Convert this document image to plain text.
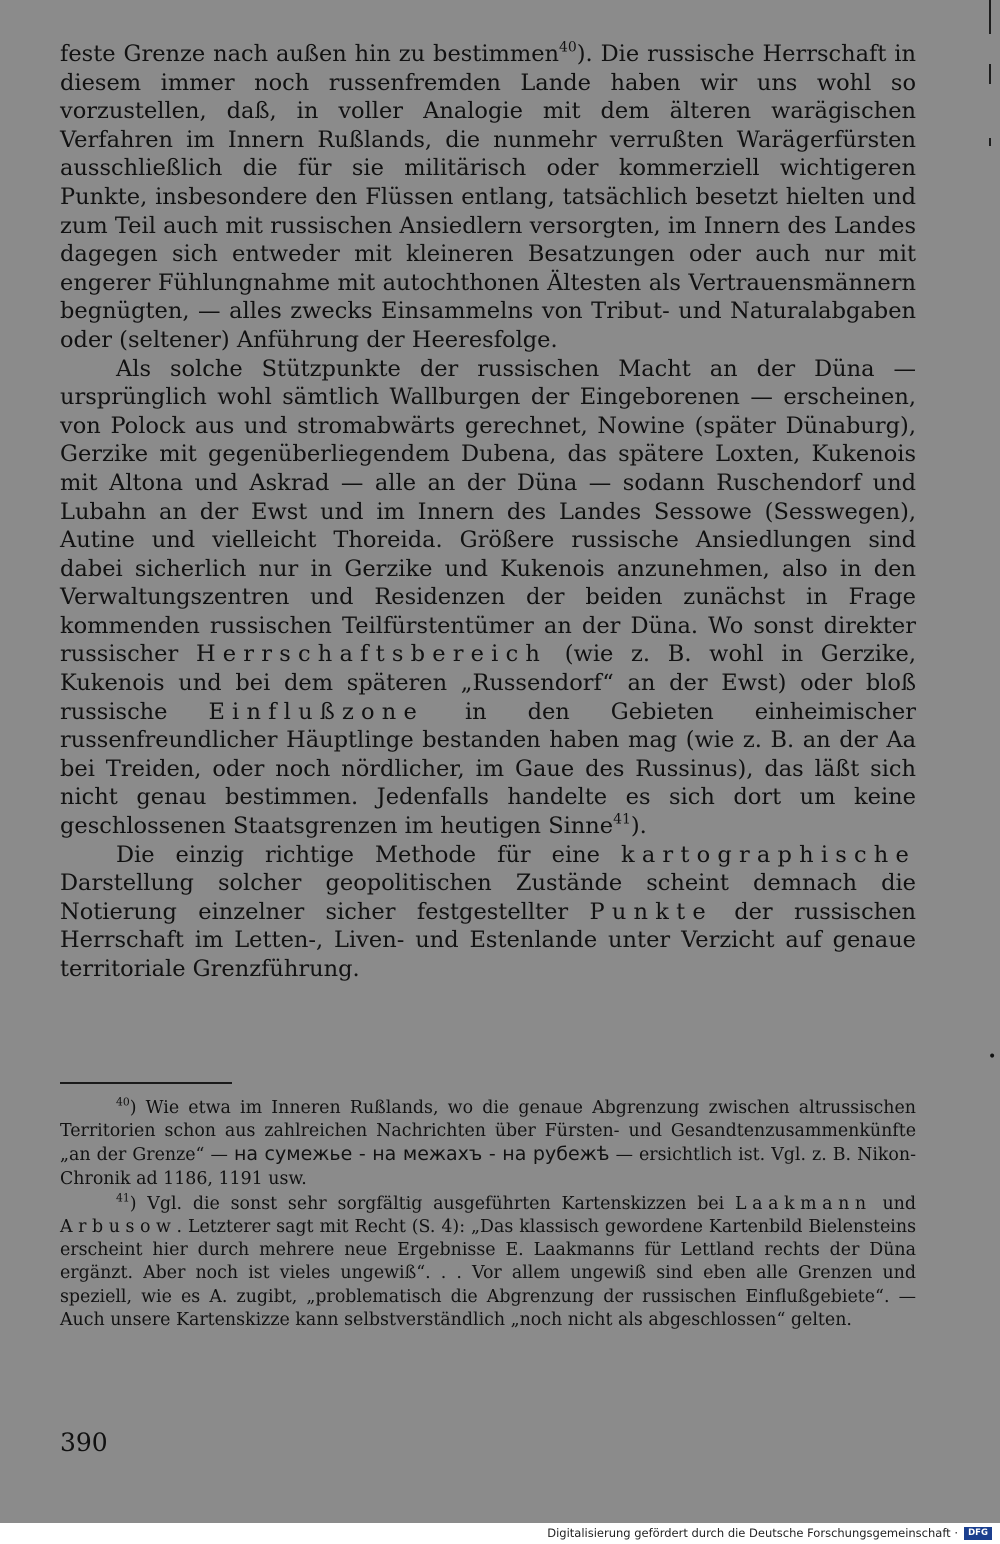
feste Grenze nach außen hin zu bestimmen$^{40}$). Die russische Herrschaft in diesem immer noch russenfremden Lande haben wir uns wohl so vorzustellen, daß, in voller Analogie mit dem älteren warägischen Verfahren im Innern Rußlands, die nunmehr verrußten Warägerfürsten ausschließlich die für sie militärisch oder kommerziell wichtigeren Punkte, insbesondere den Flüssen entlang, tatsächlich besetzt hielten und zum Teil auch mit russischen Ansiedlern versorgten, im Innern des Landes dagegen sich entweder mit kleineren Besatzungen oder auch nur mit engerer Fühlungnahme mit autochthonen Ältesten als Vertrauensmännern begnügten, — alles zwecks Einsammelns von Tribut- und Naturalabgaben oder (seltener) Anführung der Heeresfolge.

Als solche Stützpunkte der russischen Macht an der Düna — ursprünglich wohl sämtlich Wallburgen der Eingeborenen — erscheinen, von Polock aus und stromabwärts gerechnet, Nowine (später Dünaburg), Gerzike mit gegenüberliegendem Dubena, das spätere Loxten, Kukenois mit Altona und Askrad — alle an der Düna — sodann Ruschendorf und Lubahn an der Ewst und im Innern des Landes Sessowe (Sesswegen), Autine und vielleicht Thoreida. Größere russische Ansiedlungen sind dabei sicherlich nur in Gerzike und Kukenois anzunehmen, also in den Verwaltungszentren und Residenzen der beiden zunächst in Frage kommenden russischen Teilfürstentümer an der Düna. Wo sonst direkter russischer Herrschaftsbereich (wie z. B. wohl in Gerzike, Kukenois und bei dem späteren „Russendorf“ an der Ewst) oder bloß russische Einflußzone in den Gebieten einheimischer russenfreundlicher Häuptlinge bestanden haben mag (wie z. B. an der Aa bei Treiden, oder noch nördlicher, im Gaue des Russinus), das läßt sich nicht genau bestimmen. Jedenfalls handelte es sich dort um keine geschlossenen Staatsgrenzen im heutigen Sinne$^{41}$).

Die einzig richtige Methode für eine kartographische Darstellung solcher geopolitischen Zustände scheint demnach die Notierung einzelner sicher festgestellter Punkte der russischen Herrschaft im Letten-, Liven- und Estenlande unter Verzicht auf genaue territoriale Grenzführung.

$^{40}$) Wie etwa im Inneren Rußlands, wo die genaue Abgrenzung zwischen altrussischen Territorien schon aus zahlreichen Nachrichten über Fürsten- und Gesandtenzusammenkünfte „an der Grenze“ — на сумежье - на межахъ - на рубежѣ — ersichtlich ist. Vgl. z. B. Nikon-Chronik ad 1186, 1191 usw.

$^{41}$) Vgl. die sonst sehr sorgfältig ausgeführten Kartenskizzen bei Laakmann und Arbusow. Letzterer sagt mit Recht (S. 4): „Das klassisch gewordene Kartenbild Bielensteins erscheint hier durch mehrere neue Ergebnisse E. Laakmanns für Lettland rechts der Düna ergänzt. Aber noch ist vieles ungewiß“. . . Vor allem ungewiß sind eben alle Grenzen und speziell, wie es A. zugibt, „problematisch die Abgrenzung der russischen Einflußgebiete“. — Auch unsere Kartenskizze kann selbstverständlich „noch nicht als abgeschlossen“ gelten.

390
•
Digitalisierung gefördert durch die Deutsche Forschungsgemeinschaft ·	DFG
